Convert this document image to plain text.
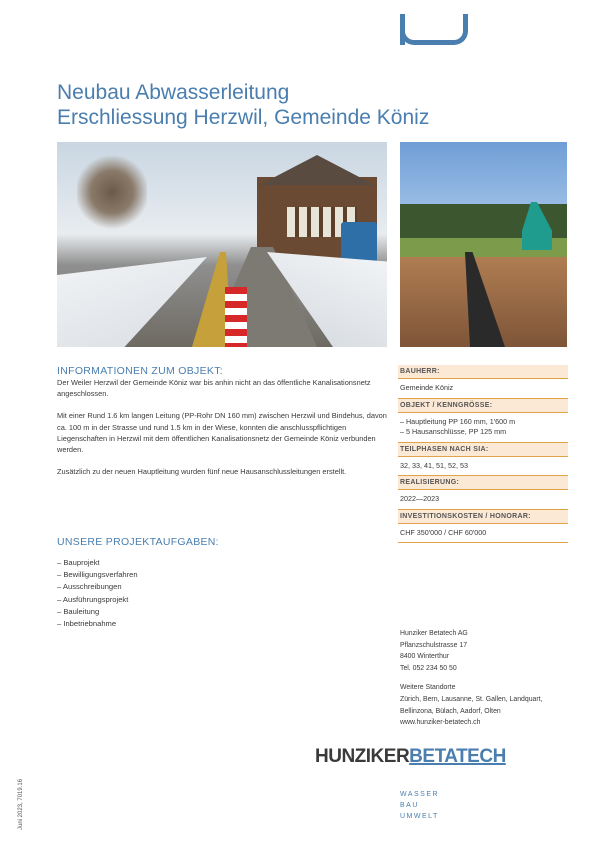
Neubau Abwasserleitung
Erschliessung Herzwil, Gemeinde Köniz
INFORMATIONEN ZUM OBJEKT:

Der Weiler Herzwil der Gemeinde Köniz war bis anhin nicht an das öffentliche Kanalisationsnetz angeschlossen.

Mit einer Rund 1.6 km langen Leitung (PP-Rohr DN 160 mm) zwischen Herzwil und Bindehus, davon ca. 100 m in der Strasse und rund 1.5 km in der Wiese, konnten die anschlusspflichtigen Liegenschaften in Herzwil mit dem öffentlichen Kanalisationsnetz der Gemeinde Köniz verbunden werden.

Zusätzlich zu der neuen Hauptleitung wurden fünf neue Hausanschlussleitungen erstellt.

UNSERE PROJEKTAUFGABEN:
– Bauprojekt
– Bewilligungsverfahren
– Ausschreibungen
– Ausführungsprojekt
– Bauleitung
– Inbetriebnahme
BAUHERR:
Gemeinde Köniz
OBJEKT / KENNGRÖSSE:
– Hauptleitung PP 160 mm, 1'600 m
– 5 Hausanschlüsse, PP 125 mm
TEILPHASEN NACH SIA:
32, 33, 41, 51, 52, 53
REALISIERUNG:
2022—2023
INVESTITIONSKOSTEN / HONORAR:
CHF 350'000 / CHF 60'000
Hunziker Betatech AG
Pflanzschulstrasse 17
8400 Winterthur
Tel. 052 234 50 50
Weitere Standorte
Zürich, Bern, Lausanne, St. Gallen, Landquart,
Bellinzona, Bülach, Aadorf, Olten
www.hunziker-betatech.ch
HUNZIKERBETATECH
WASSER
BAU
UMWELT
Juni 2023, 7019.16
